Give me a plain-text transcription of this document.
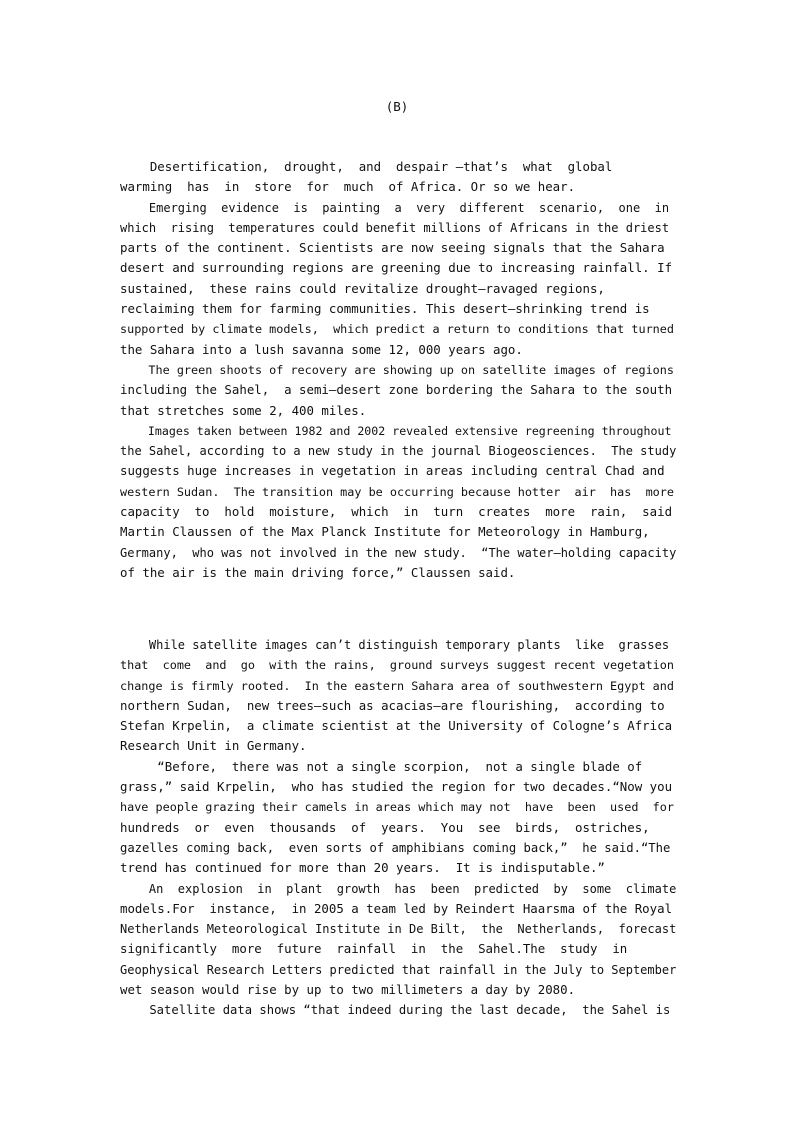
(B)
Desertification,  drought,  and  despair —that’s  what  global
warming  has  in  store  for  much  of Africa. Or so we hear.
Emerging  evidence  is  painting  a  very  different  scenario,  one  in
which  rising  temperatures could benefit millions of Africans in the driest
parts of the continent. Scientists are now seeing signals that the Sahara
desert and surrounding regions are greening due to increasing rainfall. If
sustained,  these rains could revitalize drought—ravaged regions,
reclaiming them for farming communities. This desert—shrinking trend is
supported by climate models,  which predict a return to conditions that turned
the Sahara into a lush savanna some 12, 000 years ago.
The green shoots of recovery are showing up on satellite images of regions
including the Sahel,  a semi—desert zone bordering the Sahara to the south
that stretches some 2, 400 miles.
Images taken between 1982 and 2002 revealed extensive regreening throughout
the Sahel, according to a new study in the journal Biogeosciences.  The study
suggests huge increases in vegetation in areas including central Chad and
western Sudan.  The transition may be occurring because hotter  air  has  more
capacity  to  hold  moisture,  which  in  turn  creates  more  rain,  said
Martin Claussen of the Max Planck Institute for Meteorology in Hamburg,
Germany,  who was not involved in the new study.  “The water—holding capacity
of the air is the main driving force,” Claussen said.
While satellite images can’t distinguish temporary plants  like  grasses
that  come  and  go  with the rains,  ground surveys suggest recent vegetation
change is firmly rooted.  In the eastern Sahara area of southwestern Egypt and
northern Sudan,  new trees—such as acacias—are flourishing,  according to
Stefan Krpelin,  a climate scientist at the University of Cologne’s Africa
Research Unit in Germany.
“Before,  there was not a single scorpion,  not a single blade of
grass,” said Krpelin,  who has studied the region for two decades.“Now you
have people grazing their camels in areas which may not  have  been  used  for
hundreds  or  even  thousands  of  years.  You  see  birds,  ostriches,
gazelles coming back,  even sorts of amphibians coming back,”  he said.“The
trend has continued for more than 20 years.  It is indisputable.”
An  explosion  in  plant  growth  has  been  predicted  by  some  climate
models.For  instance,  in 2005 a team led by Reindert Haarsma of the Royal
Netherlands Meteorological Institute in De Bilt,  the  Netherlands,  forecast
significantly  more  future  rainfall  in  the  Sahel.The  study  in
Geophysical Research Letters predicted that rainfall in the July to September
wet season would rise by up to two millimeters a day by 2080.
Satellite data shows “that indeed during the last decade,  the Sahel is
